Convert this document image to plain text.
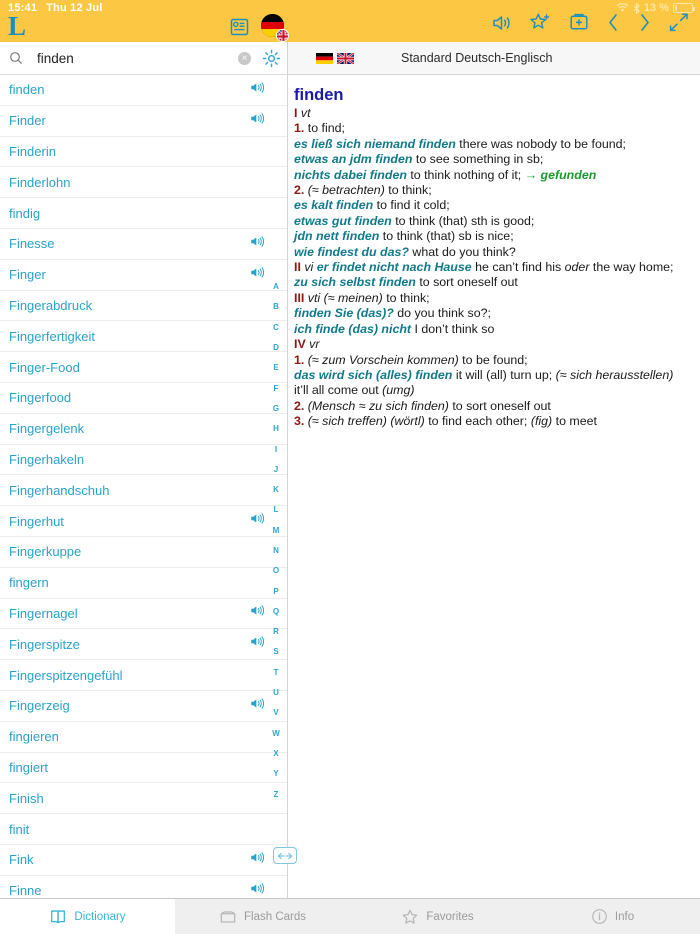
15:41 Thu 12 Jul	13 %
L
finden
×
finden
Finder
Finderin
Finderlohn
findig
Finesse
Finger
Fingerabdruck
Fingerfertigkeit
Finger-Food
Fingerfood
Fingergelenk
Fingerhakeln
Fingerhandschuh
Fingerhut
Fingerkuppe
fingern
Fingernagel
Fingerspitze
Fingerspitzengefühl
Fingerzeig
fingieren
fingiert
Finish
finit
Fink
Finne
A
B
C
D
E
F
G
H
I
J
K
L
M
N
O
P
Q
R
S
T
U
V
W
X
Y
Z
Standard Deutsch-Englisch
finden
I vt
1. to find;
es ließ sich niemand finden there was nobody to be found;
etwas an jdm finden to see something in sb;
nichts dabei finden to think nothing of it; → gefunden
2. (≈ betrachten) to think;
es kalt finden to find it cold;
etwas gut finden to think (that) sth is good;
jdn nett finden to think (that) sb is nice;
wie findest du das? what do you think?
II vi er findet nicht nach Hause he can’t find his oder the way home;
zu sich selbst finden to sort oneself out
III vti (≈ meinen) to think;
finden Sie (das)? do you think so?;
ich finde (das) nicht I don’t think so
IV vr
1. (≈ zum Vorschein kommen) to be found;
das wird sich (alles) finden it will (all) turn up; (≈ sich herausstellen)
it’ll all come out (umg)
2. (Mensch ≈ zu sich finden) to sort oneself out
3. (≈ sich treffen) (wörtl) to find each other; (fig) to meet
Dictionary	Flash Cards	Favorites	Info
